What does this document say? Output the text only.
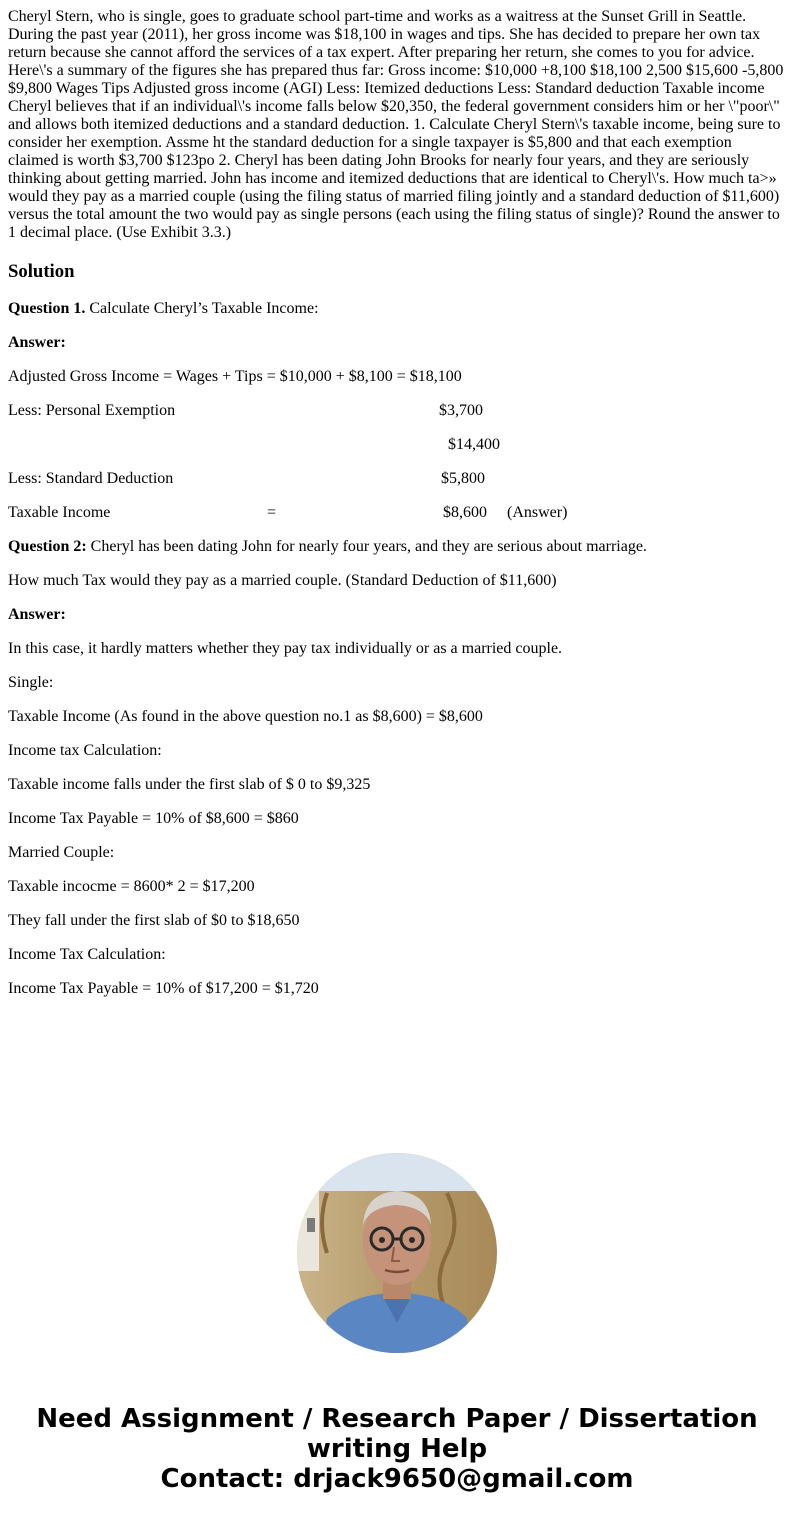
Cheryl Stern, who is single, goes to graduate school part-time and works as a waitress at the Sunset Grill in Seattle. During the past year (2011), her gross income was $18,100 in wages and tips. She has decided to prepare her own tax return because she cannot afford the services of a tax expert. After preparing her return, she comes to you for advice. Here\'s a summary of the figures she has prepared thus far: Gross income: $10,000 +8,100 $18,100 2,500 $15,600 -5,800 $9,800 Wages Tips Adjusted gross income (AGI) Less: Itemized deductions Less: Standard deduction Taxable income Cheryl believes that if an individual\'s income falls below $20,350, the federal government considers him or her \"poor\" and allows both itemized deductions and a standard deduction. 1. Calculate Cheryl Stern\'s taxable income, being sure to consider her exemption. Assme ht the standard deduction for a single taxpayer is $5,800 and that each exemption claimed is worth $3,700 $123po 2. Cheryl has been dating John Brooks for nearly four years, and they are seriously thinking about getting married. John has income and itemized deductions that are identical to Cheryl\'s. How much ta>» would they pay as a married couple (using the filing status of married filing jointly and a standard deduction of $11,600) versus the total amount the two would pay as single persons (each using the filing status of single)? Round the answer to 1 decimal place. (Use Exhibit 3.3.)
Solution

Question 1. Calculate Cheryl’s Taxable Income:

Answer:

Adjusted Gross Income = Wages + Tips = $10,000 + $8,100 = $18,100

Less: Personal Exemption	$3,700
$14,400
Less: Standard Deduction	$5,800
Taxable Income	=	$8,600 (Answer)

Question 2: Cheryl has been dating John for nearly four years, and they are serious about marriage.

How much Tax would they pay as a married couple. (Standard Deduction of $11,600)

Answer:

In this case, it hardly matters whether they pay tax individually or as a married couple.

Single:

Taxable Income (As found in the above question no.1 as $8,600) = $8,600

Income tax Calculation:

Taxable income falls under the first slab of $ 0 to $9,325

Income Tax Payable = 10% of $8,600 = $860

Married Couple:

Taxable incocme = 8600* 2 = $17,200

They fall under the first slab of $0 to $18,650

Income Tax Calculation:

Income Tax Payable = 10% of $17,200 = $1,720

Need Assignment / Research Paper / Dissertation
writing Help
Contact: drjack9650@gmail.com
